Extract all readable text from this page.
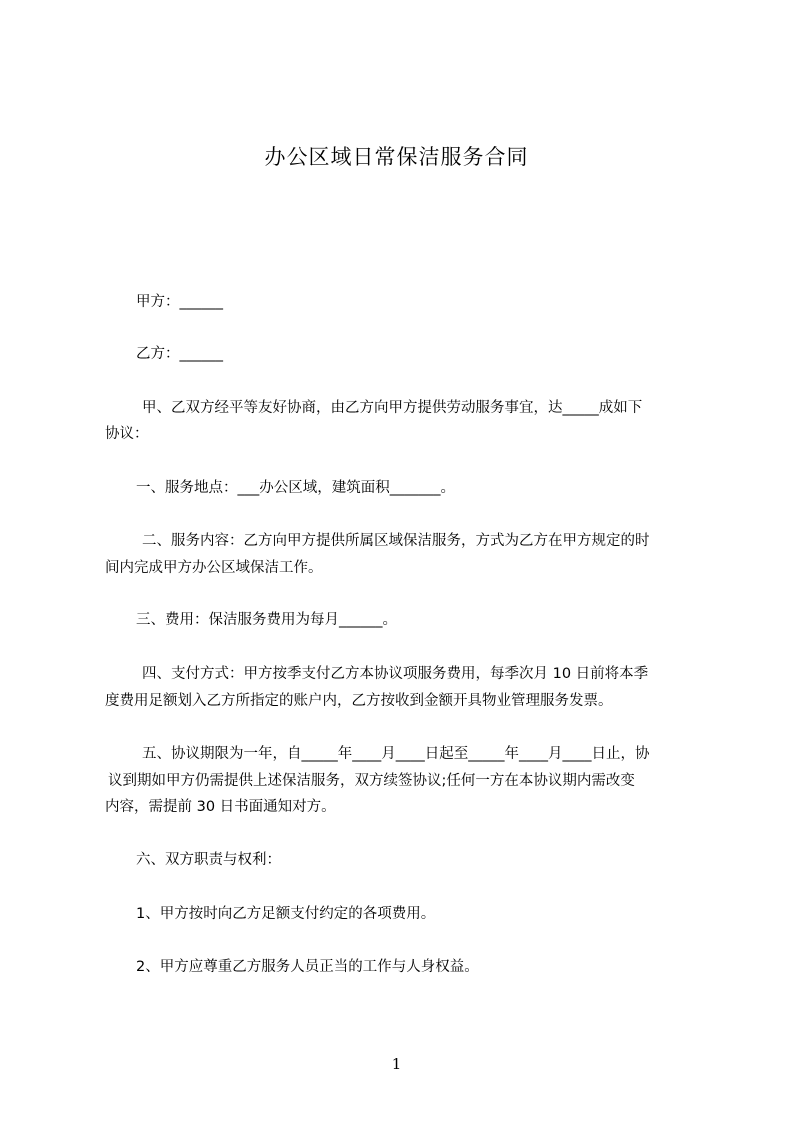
办公区域日常保洁服务合同
甲方：______
乙方：______
甲、乙双方经平等友好协商，由乙方向甲方提供劳动服务事宜，达_____成如下
协议：
一、服务地点：___办公区域，建筑面积_______。
二、服务内容：乙方向甲方提供所属区域保洁服务，方式为乙方在甲方规定的时
间内完成甲方办公区域保洁工作。
三、费用：保洁服务费用为每月______。
四、支付方式：甲方按季支付乙方本协议项服务费用，每季次月 10 日前将本季
度费用足额划入乙方所指定的账户内，乙方按收到金额开具物业管理服务发票。
五、协议期限为一年，自_____年____月____日起至_____年____月____日止，协
议到期如甲方仍需提供上述保洁服务，双方续签协议;任何一方在本协议期内需改变
内容，需提前 30 日书面通知对方。
六、双方职责与权利：
1、甲方按时向乙方足额支付约定的各项费用。
2、甲方应尊重乙方服务人员正当的工作与人身权益。
1
